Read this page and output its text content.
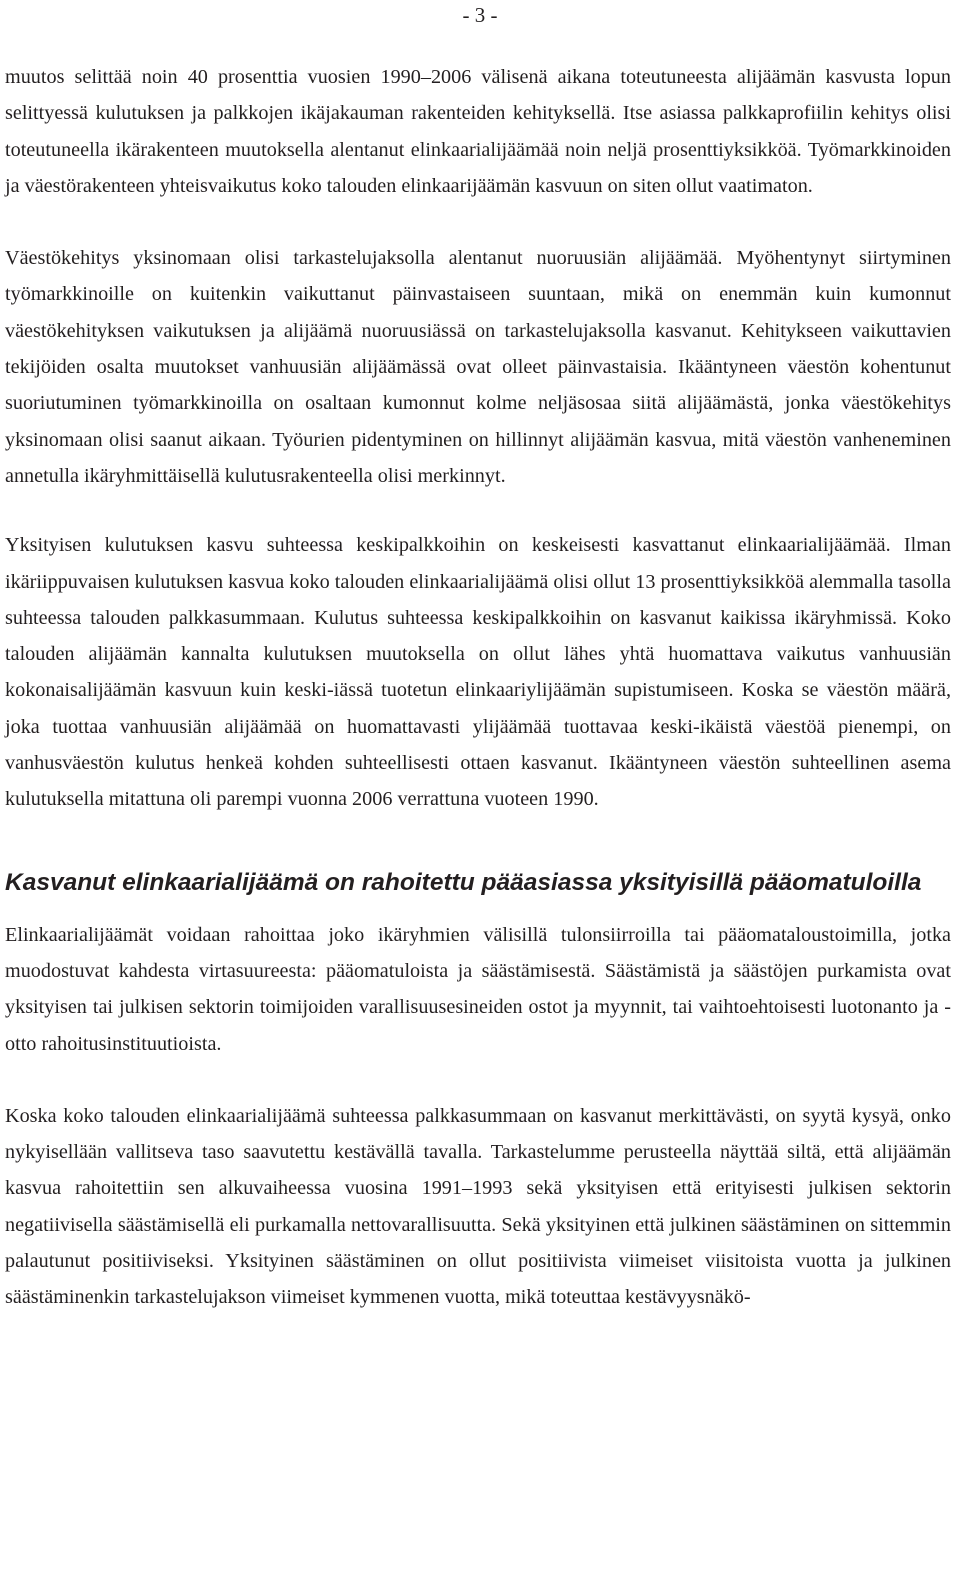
- 3 -

muutos selittää noin 40 prosenttia vuosien 1990–2006 välisenä aikana toteutuneesta alijäämän kasvusta lopun selittyessä kulutuksen ja palkkojen ikäjakauman rakenteiden kehityksellä. Itse asiassa palkkaprofiilin kehitys olisi toteutuneella ikärakenteen muutoksella alentanut elinkaarialijäämää noin neljä prosenttiyksikköä. Työmarkkinoiden ja väestörakenteen yhteisvaikutus koko talouden elinkaarijäämän kasvuun on siten ollut vaatimaton.

Väestökehitys yksinomaan olisi tarkastelujaksolla alentanut nuoruusiän alijäämää. Myöhentynyt siirtyminen työmarkkinoille on kuitenkin vaikuttanut päinvastaiseen suuntaan, mikä on enemmän kuin kumonnut väestökehityksen vaikutuksen ja alijäämä nuoruusiässä on tarkastelujaksolla kasvanut. Kehitykseen vaikuttavien tekijöiden osalta muutokset vanhuusiän alijäämässä ovat olleet päinvastaisia. Ikääntyneen väestön kohentunut suoriutuminen työmarkkinoilla on osaltaan kumonnut kolme neljäsosaa siitä alijäämästä, jonka väestökehitys yksinomaan olisi saanut aikaan. Työurien pidentyminen on hillinnyt alijäämän kasvua, mitä väestön vanheneminen annetulla ikäryhmittäisellä kulutusrakenteella olisi merkinnyt.

Yksityisen kulutuksen kasvu suhteessa keskipalkkoihin on keskeisesti kasvattanut elinkaarialijäämää. Ilman ikäriippuvaisen kulutuksen kasvua koko talouden elinkaarialijäämä olisi ollut 13 prosenttiyksikköä alemmalla tasolla suhteessa talouden palkkasummaan. Kulutus suhteessa keskipalkkoihin on kasvanut kaikissa ikäryhmissä. Koko talouden alijäämän kannalta kulutuksen muutoksella on ollut lähes yhtä huomattava vaikutus vanhuusiän kokonaisalijäämän kasvuun kuin keski-iässä tuotetun elinkaariylijäämän supistumiseen. Koska se väestön määrä, joka tuottaa vanhuusiän alijäämää on huomattavasti ylijäämää tuottavaa keski-ikäistä väestöä pienempi, on vanhusväestön kulutus henkeä kohden suhteellisesti ottaen kasvanut. Ikääntyneen väestön suhteellinen asema kulutuksella mitattuna oli parempi vuonna 2006 verrattuna vuoteen 1990.

Kasvanut elinkaarialijäämä on rahoitettu pääasiassa yksityisillä pääomatuloilla

Elinkaarialijäämät voidaan rahoittaa joko ikäryhmien välisillä tulonsiirroilla tai pääomataloustoimilla, jotka muodostuvat kahdesta virtasuureesta: pääomatuloista ja säästämisestä. Säästämistä ja säästöjen purkamista ovat yksityisen tai julkisen sektorin toimijoiden varallisuusesineiden ostot ja myynnit, tai vaihtoehtoisesti luotonanto ja -otto rahoitusinstituutioista.

Koska koko talouden elinkaarialijäämä suhteessa palkkasummaan on kasvanut merkittävästi, on syytä kysyä, onko nykyisellään vallitseva taso saavutettu kestävällä tavalla. Tarkastelumme perusteella näyttää siltä, että alijäämän kasvua rahoitettiin sen alkuvaiheessa vuosina 1991–1993 sekä yksityisen että erityisesti julkisen sektorin negatiivisella säästämisellä eli purkamalla nettovarallisuutta. Sekä yksityinen että julkinen säästäminen on sittemmin palautunut positiiviseksi. Yksityinen säästäminen on ollut positiivista viimeiset viisitoista vuotta ja julkinen säästäminenkin tarkastelujakson viimeiset kymmenen vuotta, mikä toteuttaa kestävyysnäkö-
